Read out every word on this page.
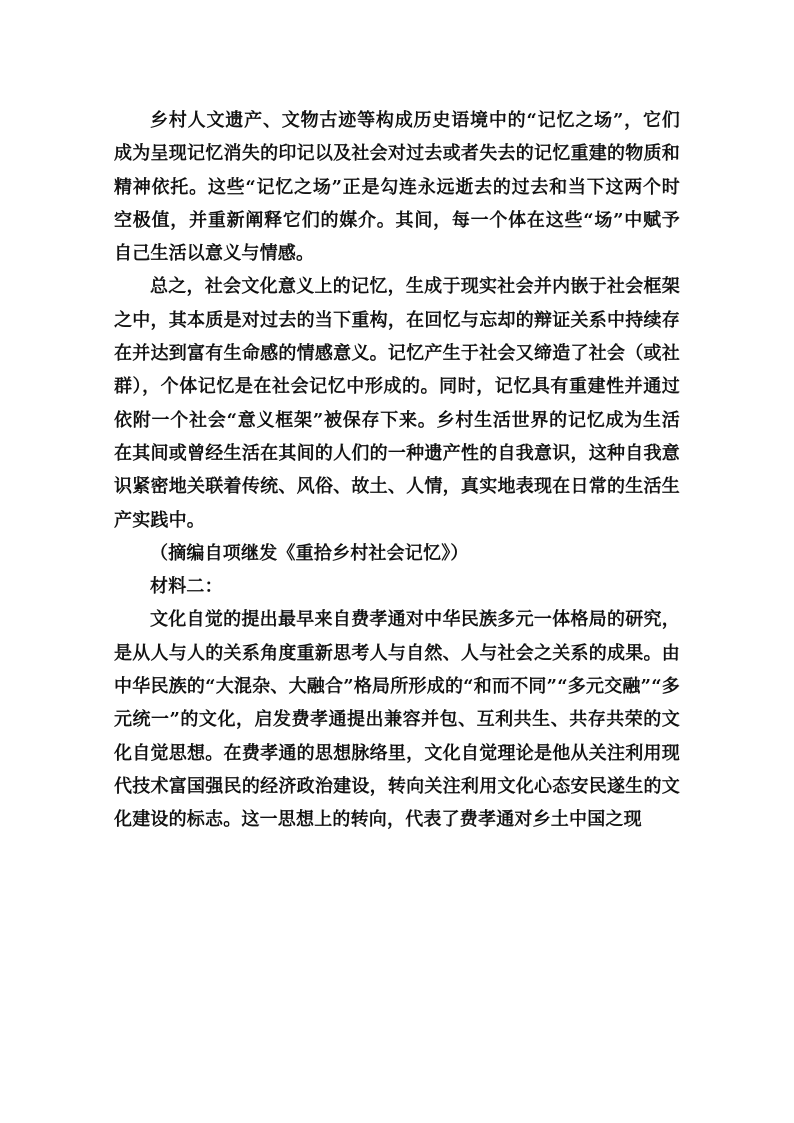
乡村人文遗产、文物古迹等构成历史语境中的“记忆之场”，它们成为呈现记忆消失的印记以及社会对过去或者失去的记忆重建的物质和精神依托。这些“记忆之场”正是勾连永远逝去的过去和当下这两个时空极值，并重新阐释它们的媒介。其间，每一个体在这些“场”中赋予自己生活以意义与情感。

总之，社会文化意义上的记忆，生成于现实社会并内嵌于社会框架之中，其本质是对过去的当下重构，在回忆与忘却的辩证关系中持续存在并达到富有生命感的情感意义。记忆产生于社会又缔造了社会（或社群），个体记忆是在社会记忆中形成的。同时，记忆具有重建性并通过依附一个社会“意义框架”被保存下来。乡村生活世界的记忆成为生活在其间或曾经生活在其间的人们的一种遗产性的自我意识，这种自我意识紧密地关联着传统、风俗、故土、人情，真实地表现在日常的生活生产实践中。

（摘编自项继发《重拾乡村社会记忆》）

材料二：

文化自觉的提出最早来自费孝通对中华民族多元一体格局的研究，是从人与人的关系角度重新思考人与自然、人与社会之关系的成果。由中华民族的“大混杂、大融合”格局所形成的“和而不同”“多元交融”“多元统一”的文化，启发费孝通提出兼容并包、互利共生、共存共荣的文化自觉思想。在费孝通的思想脉络里，文化自觉理论是他从关注利用现代技术富国强民的经济政治建设，转向关注利用文化心态安民遂生的文化建设的标志。这一思想上的转向，代表了费孝通对乡土中国之现
